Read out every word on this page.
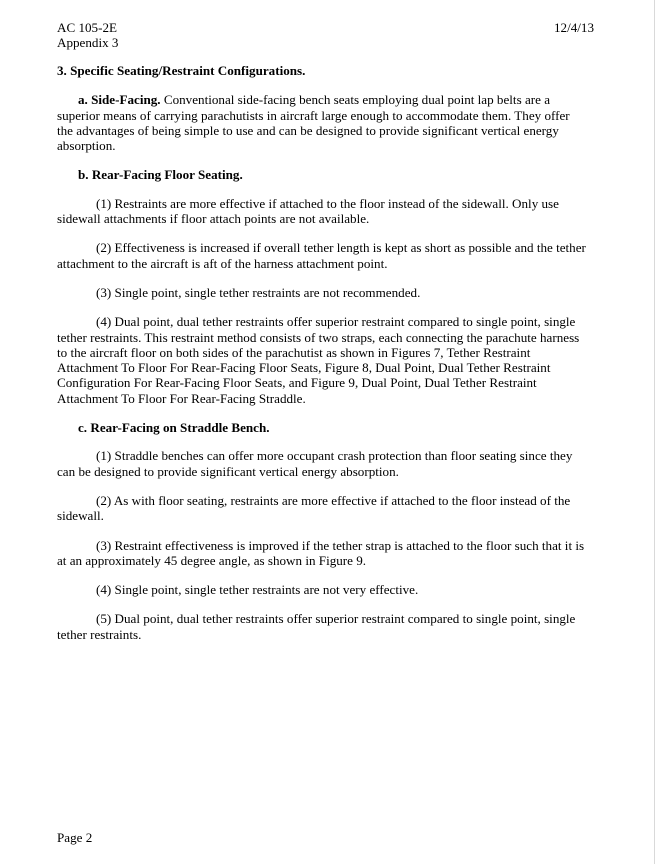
AC 105-2E
Appendix 3
12/4/13
3. Specific Seating/Restraint Configurations.

a. Side-Facing. Conventional side-facing bench seats employing dual point lap belts are a superior means of carrying parachutists in aircraft large enough to accommodate them. They offer the advantages of being simple to use and can be designed to provide significant vertical energy absorption.

b. Rear-Facing Floor Seating.

(1) Restraints are more effective if attached to the floor instead of the sidewall. Only use sidewall attachments if floor attach points are not available.

(2) Effectiveness is increased if overall tether length is kept as short as possible and the tether attachment to the aircraft is aft of the harness attachment point.

(3) Single point, single tether restraints are not recommended.

(4) Dual point, dual tether restraints offer superior restraint compared to single point, single tether restraints. This restraint method consists of two straps, each connecting the parachute harness to the aircraft floor on both sides of the parachutist as shown in Figures 7, Tether Restraint Attachment To Floor For Rear-Facing Floor Seats, Figure 8, Dual Point, Dual Tether Restraint Configuration For Rear-Facing Floor Seats, and Figure 9, Dual Point, Dual Tether Restraint Attachment To Floor For Rear-Facing Straddle.

c. Rear-Facing on Straddle Bench.

(1) Straddle benches can offer more occupant crash protection than floor seating since they can be designed to provide significant vertical energy absorption.

(2) As with floor seating, restraints are more effective if attached to the floor instead of the sidewall.

(3) Restraint effectiveness is improved if the tether strap is attached to the floor such that it is at an approximately 45 degree angle, as shown in Figure 9.

(4) Single point, single tether restraints are not very effective.

(5) Dual point, dual tether restraints offer superior restraint compared to single point, single tether restraints.

Page 2
